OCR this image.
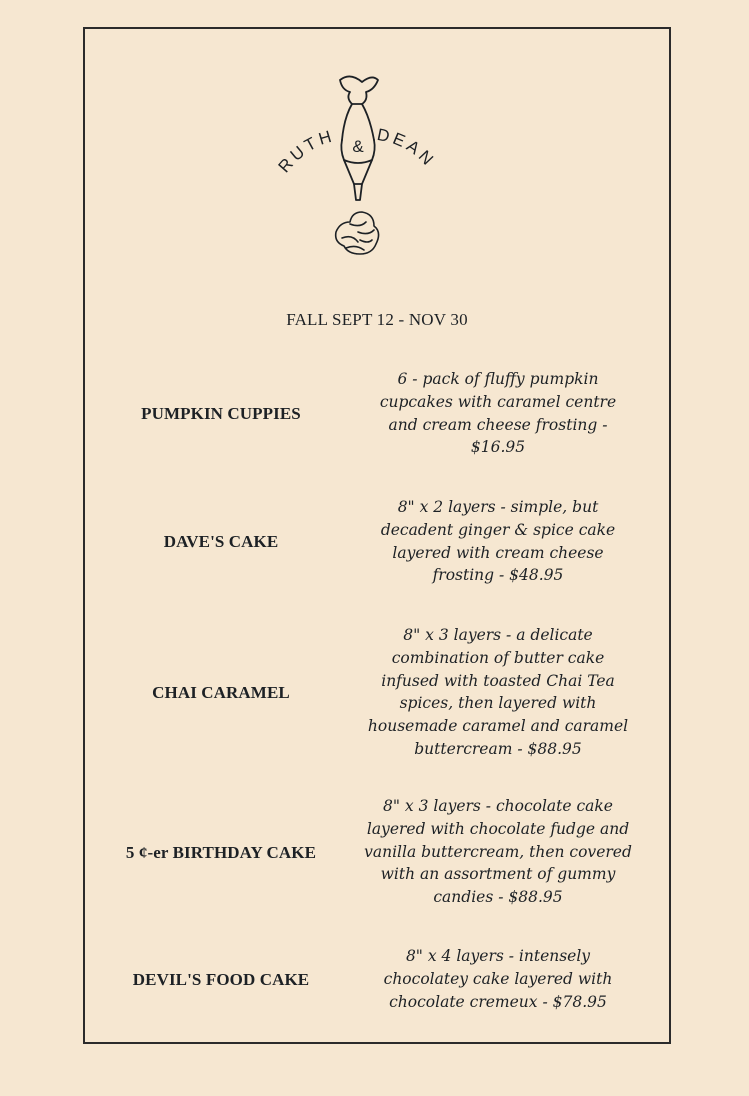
RUTH DEAN
&
FALL SEPT 12 - NOV 30
PUMPKIN CUPPIES
6 - pack of fluffy pumpkin cupcakes with caramel centre and cream cheese frosting - $16.95
DAVE'S CAKE
8" x 2 layers - simple, but decadent ginger & spice cake layered with cream cheese frosting - $48.95
CHAI CARAMEL
8" x 3 layers - a delicate combination of butter cake infused with toasted Chai Tea spices, then layered with housemade caramel and caramel buttercream - $88.95
5 ¢-er BIRTHDAY CAKE
8" x 3 layers - chocolate cake layered with chocolate fudge and vanilla buttercream, then covered with an assortment of gummy candies - $88.95
DEVIL'S FOOD CAKE
8" x 4 layers - intensely chocolatey cake layered with chocolate cremeux - $78.95
